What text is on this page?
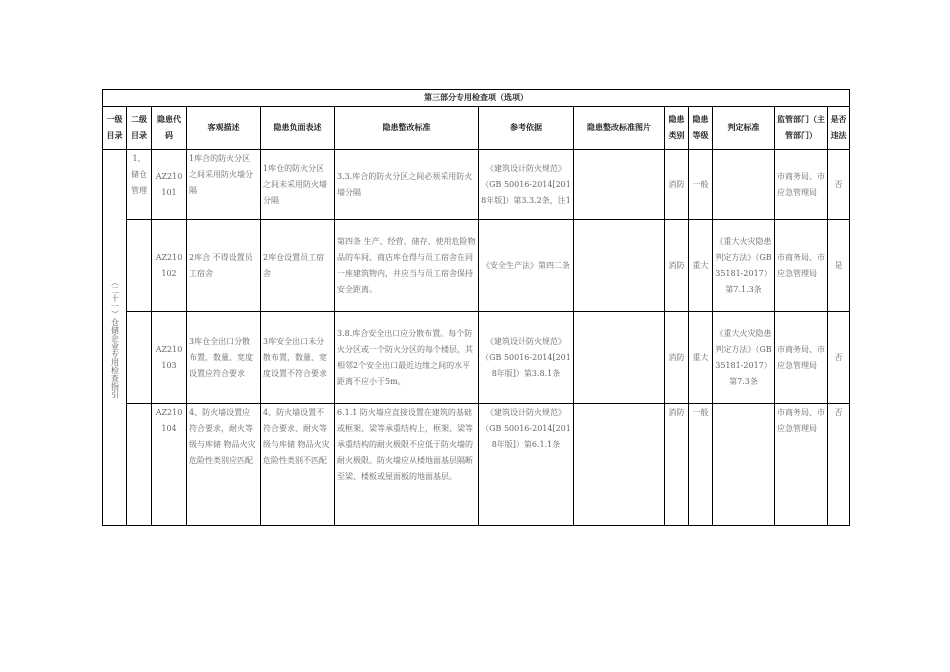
第三部分专用检查项（选项）												
一级目录	二级目录	隐患代码	客观描述	隐患负面表述	隐患整改标准	参考依据	隐患整改标准图片	隐患类别	隐患等级	判定标准	监管部门（主管部门）	是否违法

（二十一）仓储企业专用检查指引	1、储仓管理	AZ210101	1库合的防火分区之间采用防火墙分隔	1库仓的防火分区之间未采用防火墙分隔	3.3.库合的防火分区之间必须采用防火墙分隔	《建筑设计防火规范》（GB 50016-2014[2018年版]）第3.3.2条，注1		消防	一般		市商务局、市应急管理局	否
		AZ210102	2库合 不得设置员工宿舍	2库仓设置员工宿舍	第四条 生产、经营、储存、使用危险物品的车间、商店库仓得与员工宿舍在同一座建筑物内，并应当与员工宿舍保持安全距离。	《安全生产法》第四二条		消防	重大	《重大火灾隐患判定方法》（GB35181-2017）第7.1.3条	市商务局、市应急管理局	是
		AZ210103	3库仓全出口分散布置，数量、宽度设置应符合要求	3库安全出口未分散布置，数量、宽度设置不符合要求	3.8.库合安全出口应分散布置。每个防火分区或一个防火分区的每个楼层，其相邻2个安全出口最近边缘之间的水平距离不应小于5m。	《建筑设计防火规范》（GB 50016-2014[2018年版]）第3.8.1条		消防	重大	《重大火灾隐患判定方法》（GB35181-2017）第7.3条	市商务局、市应急管理局	否
		AZ210104	4、防火墙设置应符合要求，耐火等级与库储 物品火灾危险性类别应匹配	4、防火墙设置不符合要求、耐火等级与库储 物品火灾危险性类别不匹配	6.1.1 防火墙应直接设置在建筑的基础或框架、梁等承重结构上，框架、梁等承重结构的耐火极限不应低于防火墙的耐火极限。防火墙应从楼地面基层隔断至梁、楼板或屋面板的地面基层。	《建筑设计防火规范》（GB 50016-2014[2018年版]）第6.1.1条		消防	一般		市商务局、市应急管理局	否
